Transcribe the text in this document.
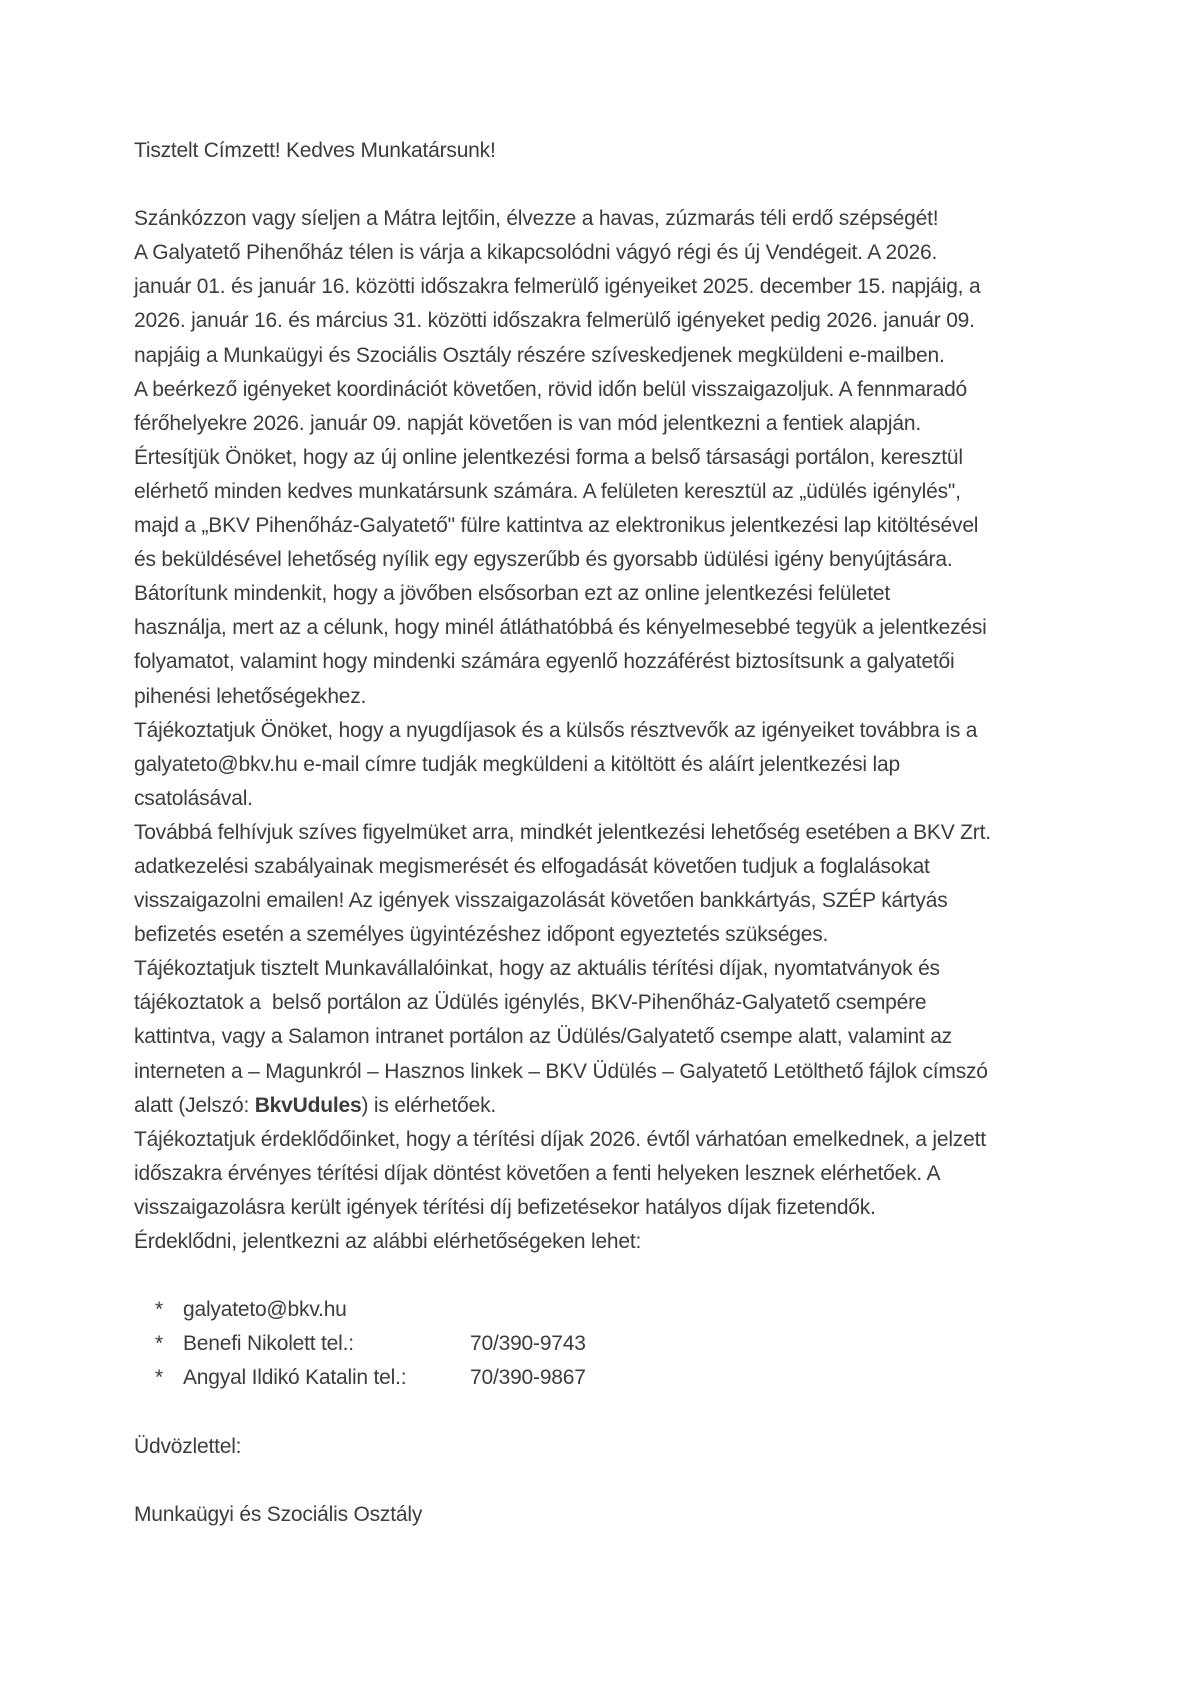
Tisztelt Címzett! Kedves Munkatársunk!
Szánkózzon vagy síeljen a Mátra lejtőin, élvezze a havas, zúzmarás téli erdő szépségét!
A Galyatető Pihenőház télen is várja a kikapcsolódni vágyó régi és új Vendégeit. A 2026.
január 01. és január 16. közötti időszakra felmerülő igényeiket 2025. december 15. napjáig, a
2026. január 16. és március 31. közötti időszakra felmerülő igényeket pedig 2026. január 09.
napjáig a Munkaügyi és Szociális Osztály részére szíveskedjenek megküldeni e-mailben.
A beérkező igényeket koordinációt követően, rövid időn belül visszaigazoljuk. A fennmaradó
férőhelyekre 2026. január 09. napját követően is van mód jelentkezni a fentiek alapján.
Értesítjük Önöket, hogy az új online jelentkezési forma a belső társasági portálon, keresztül
elérhető minden kedves munkatársunk számára. A felületen keresztül az „üdülés igénylés",
majd a „BKV Pihenőház-Galyatető" fülre kattintva az elektronikus jelentkezési lap kitöltésével
és beküldésével lehetőség nyílik egy egyszerűbb és gyorsabb üdülési igény benyújtására.
Bátorítunk mindenkit, hogy a jövőben elsősorban ezt az online jelentkezési felületet
használja, mert az a célunk, hogy minél átláthatóbbá és kényelmesebbé tegyük a jelentkezési
folyamatot, valamint hogy mindenki számára egyenlő hozzáférést biztosítsunk a galyatetői
pihenési lehetőségekhez.
Tájékoztatjuk Önöket, hogy a nyugdíjasok és a külsős résztvevők az igényeiket továbbra is a
galyateto@bkv.hu e-mail címre tudják megküldeni a kitöltött és aláírt jelentkezési lap
csatolásával.
Továbbá felhívjuk szíves figyelmüket arra, mindkét jelentkezési lehetőség esetében a BKV Zrt.
adatkezelési szabályainak megismerését és elfogadását követően tudjuk a foglalásokat
visszaigazolni emailen! Az igények visszaigazolását követően bankkártyás, SZÉP kártyás
befizetés esetén a személyes ügyintézéshez időpont egyeztetés szükséges.
Tájékoztatjuk tisztelt Munkavállalóinkat, hogy az aktuális térítési díjak, nyomtatványok és
tájékoztatok a  belső portálon az Üdülés igénylés, BKV-Pihenőház-Galyatető csempére
kattintva, vagy a Salamon intranet portálon az Üdülés/Galyatető csempe alatt, valamint az
interneten a – Magunkról – Hasznos linkek – BKV Üdülés – Galyatető Letölthető fájlok címszó
alatt (Jelszó: BkvUdules) is elérhetőek.
Tájékoztatjuk érdeklődőinket, hogy a térítési díjak 2026. évtől várhatóan emelkednek, a jelzett
időszakra érvényes térítési díjak döntést követően a fenti helyeken lesznek elérhetőek. A
visszaigazolásra került igények térítési díj befizetésekor hatályos díjak fizetendők.
Érdeklődni, jelentkezni az alábbi elérhetőségeken lehet:
* galyateto@bkv.hu
* Benefi Nikolett tel.:	70/390-9743
* Angyal Ildikó Katalin tel.:	70/390-9867
Üdvözlettel:
Munkaügyi és Szociális Osztály
